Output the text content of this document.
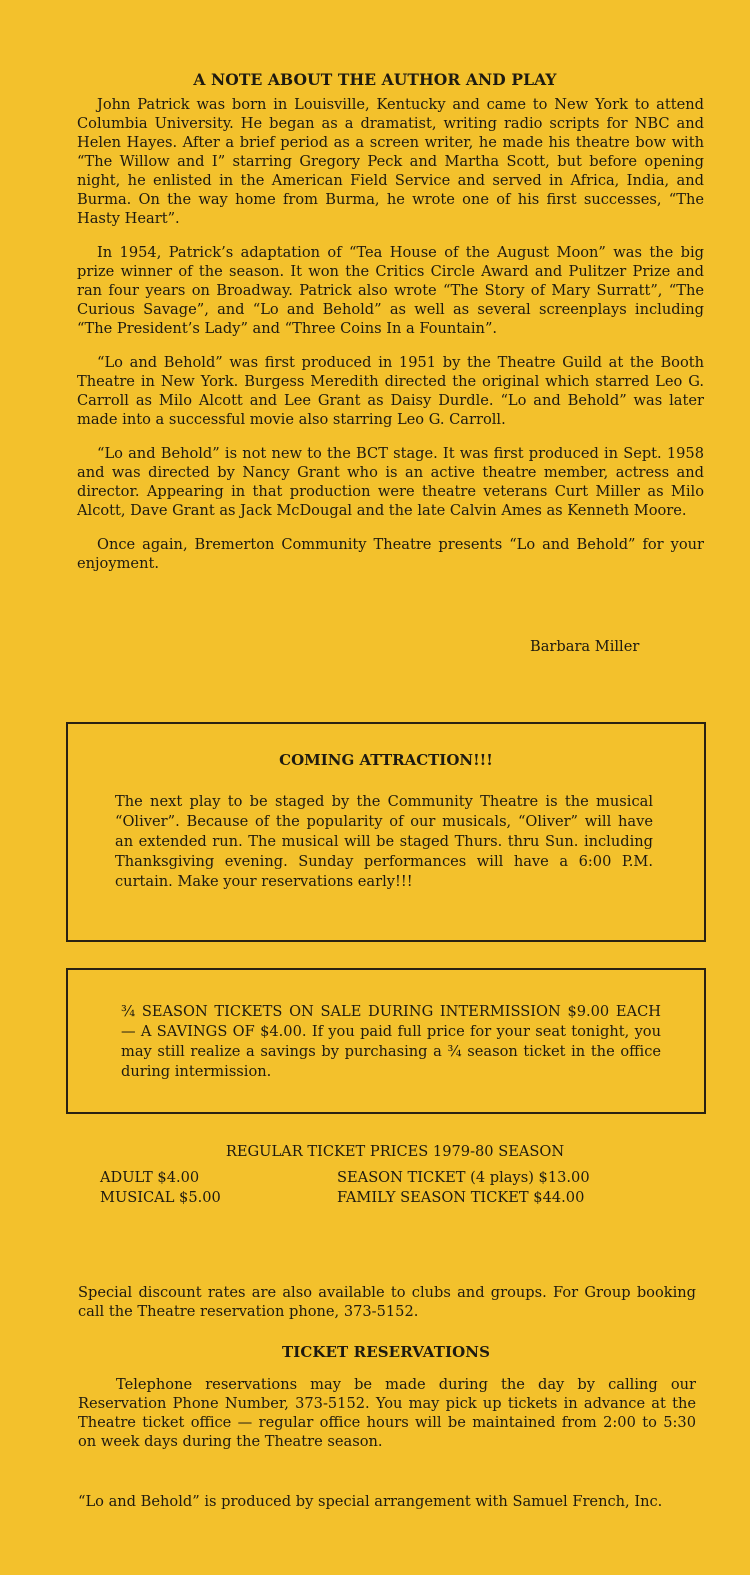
A NOTE ABOUT THE AUTHOR AND PLAY

John Patrick was born in Louisville, Kentucky and came to New York to attend Columbia University. He began as a dramatist, writing radio scripts for NBC and Helen Hayes. After a brief period as a screen writer, he made his theatre bow with “The Willow and I” starring Gregory Peck and Martha Scott, but before opening night, he enlisted in the American Field Service and served in Africa, India, and Burma. On the way home from Burma, he wrote one of his first successes, “The Hasty Heart”.

In 1954, Patrick’s adaptation of “Tea House of the August Moon” was the big prize winner of the season. It won the Critics Circle Award and Pulitzer Prize and ran four years on Broadway. Patrick also wrote “The Story of Mary Surratt”, “The Curious Savage”, and “Lo and Behold” as well as several screenplays including “The President’s Lady” and “Three Coins In a Fountain”.

“Lo and Behold” was first produced in 1951 by the Theatre Guild at the Booth Theatre in New York. Burgess Meredith directed the original which starred Leo G. Carroll as Milo Alcott and Lee Grant as Daisy Durdle. “Lo and Behold” was later made into a successful movie also starring Leo G. Carroll.

“Lo and Behold” is not new to the BCT stage. It was first produced in Sept. 1958 and was directed by Nancy Grant who is an active theatre member, actress and director. Appearing in that production were theatre veterans Curt Miller as Milo Alcott, Dave Grant as Jack McDougal and the late Calvin Ames as Kenneth Moore.

Once again, Bremerton Community Theatre presents “Lo and Behold” for your enjoyment.

Barbara Miller
COMING ATTRACTION!!!

The next play to be staged by the Community Theatre is the musical “Oliver”. Because of the popularity of our musicals, “Oliver” will have an extended run. The musical will be staged Thurs. thru Sun. including Thanksgiving evening. Sunday performances will have a 6:00 P.M. curtain. Make your reservations early!!!

¾ SEASON TICKETS ON SALE DURING INTERMISSION $9.00 EACH — A SAVINGS OF $4.00. If you paid full price for your seat tonight, you may still realize a savings by purchasing a ¾ season ticket in the office during intermission.

REGULAR TICKET PRICES 1979-80 SEASON
ADULT $4.00
MUSICAL $5.00
SEASON TICKET (4 plays) $13.00
FAMILY SEASON TICKET $44.00

Special discount rates are also available to clubs and groups. For Group booking call the Theatre reservation phone, 373-5152.

TICKET RESERVATIONS

Telephone reservations may be made during the day by calling our Reservation Phone Number, 373-5152. You may pick up tickets in advance at the Theatre ticket office — regular office hours will be maintained from 2:00 to 5:30 on week days during the Theatre season.

“Lo and Behold” is produced by special arrangement with Samuel French, Inc.
